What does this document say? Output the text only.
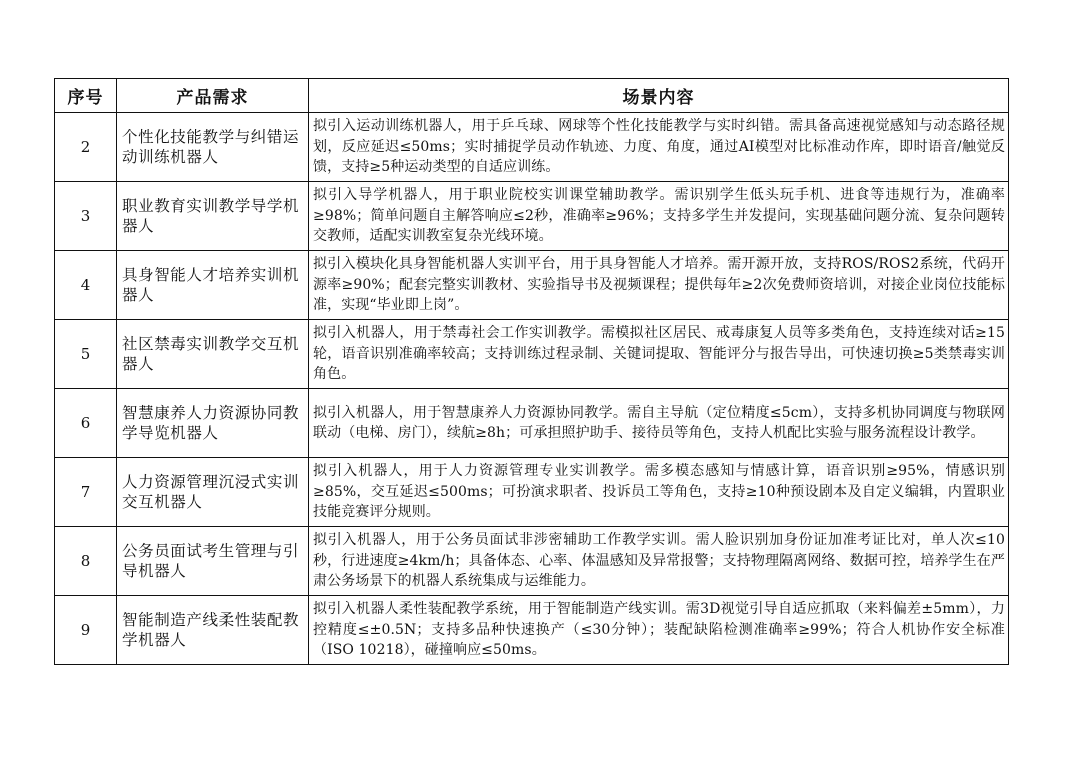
序号	产品需求	场景内容
2	个性化技能教学与纠错运动训练机器人	拟引入运动训练机器人，用于乒乓球、网球等个性化技能教学与实时纠错。需具备高速视觉感知与动态路径规划，反应延迟≤50ms；实时捕捉学员动作轨迹、力度、角度，通过AI模型对比标准动作库，即时语音/触觉反馈，支持≥5种运动类型的自适应训练。
3	职业教育实训教学导学机器人	拟引入导学机器人，用于职业院校实训课堂辅助教学。需识别学生低头玩手机、进食等违规行为，准确率≥98%；简单问题自主解答响应≤2秒，准确率≥96%；支持多学生并发提问，实现基础问题分流、复杂问题转交教师，适配实训教室复杂光线环境。
4	具身智能人才培养实训机器人	拟引入模块化具身智能机器人实训平台，用于具身智能人才培养。需开源开放，支持ROS/ROS2系统，代码开源率≥90%；配套完整实训教材、实验指导书及视频课程；提供每年≥2次免费师资培训，对接企业岗位技能标准，实现“毕业即上岗”。
5	社区禁毒实训教学交互机器人	拟引入机器人，用于禁毒社会工作实训教学。需模拟社区居民、戒毒康复人员等多类角色，支持连续对话≥15轮，语音识别准确率较高；支持训练过程录制、关键词提取、智能评分与报告导出，可快速切换≥5类禁毒实训角色。
6	智慧康养人力资源协同教学导览机器人	拟引入机器人，用于智慧康养人力资源协同教学。需自主导航（定位精度≤5cm），支持多机协同调度与物联网联动（电梯、房门），续航≥8h；可承担照护助手、接待员等角色，支持人机配比实验与服务流程设计教学。
7	人力资源管理沉浸式实训交互机器人	拟引入机器人，用于人力资源管理专业实训教学。需多模态感知与情感计算，语音识别≥95%，情感识别≥85%，交互延迟≤500ms；可扮演求职者、投诉员工等角色，支持≥10种预设剧本及自定义编辑，内置职业技能竞赛评分规则。
8	公务员面试考生管理与引导机器人	拟引入机器人，用于公务员面试非涉密辅助工作教学实训。需人脸识别加身份证加准考证比对，单人次≤10秒，行进速度≥4km/h；具备体态、心率、体温感知及异常报警；支持物理隔离网络、数据可控，培养学生在严肃公务场景下的机器人系统集成与运维能力。
9	智能制造产线柔性装配教学机器人	拟引入机器人柔性装配教学系统，用于智能制造产线实训。需3D视觉引导自适应抓取（来料偏差±5mm），力控精度≤±0.5N；支持多品种快速换产（≤30分钟）；装配缺陷检测准确率≥99%；符合人机协作安全标准（ISO 10218），碰撞响应≤50ms。
